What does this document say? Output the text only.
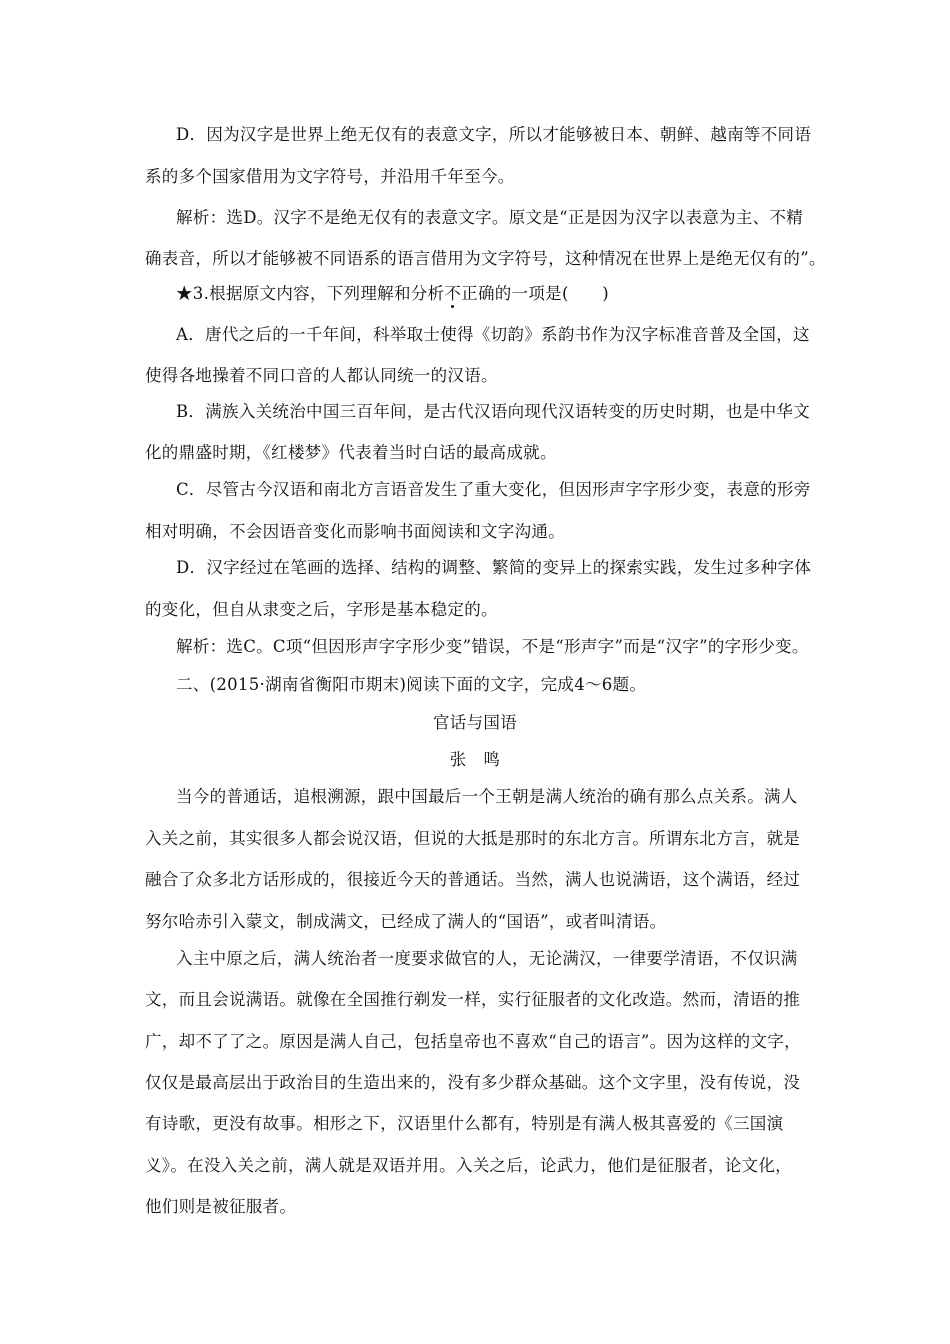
D．因为汉字是世界上绝无仅有的表意文字，所以才能够被日本、朝鲜、越南等不同语
系的多个国家借用为文字符号，并沿用千年至今。
解析：选D。汉字不是绝无仅有的表意文字。原文是“正是因为汉字以表意为主、不精
确表音，所以才能够被不同语系的语言借用为文字符号，这种情况在世界上是绝无仅有的”。
★3.根据原文内容，下列理解和分析不正确的一项是(　　)
A．唐代之后的一千年间，科举取士使得《切韵》系韵书作为汉字标准音普及全国，这
使得各地操着不同口音的人都认同统一的汉语。
B．满族入关统治中国三百年间，是古代汉语向现代汉语转变的历史时期，也是中华文
化的鼎盛时期，《红楼梦》代表着当时白话的最高成就。
C．尽管古今汉语和南北方言语音发生了重大变化，但因形声字字形少变，表意的形旁
相对明确，不会因语音变化而影响书面阅读和文字沟通。
D．汉字经过在笔画的选择、结构的调整、繁简的变异上的探索实践，发生过多种字体
的变化，但自从隶变之后，字形是基本稳定的。
解析：选C。C项“但因形声字字形少变”错误，不是“形声字”而是“汉字”的字形少变。
二、(2015·湖南省衡阳市期末)阅读下面的文字，完成4～6题。
官话与国语
张　鸣
当今的普通话，追根溯源，跟中国最后一个王朝是满人统治的确有那么点关系。满人
入关之前，其实很多人都会说汉语，但说的大抵是那时的东北方言。所谓东北方言，就是
融合了众多北方话形成的，很接近今天的普通话。当然，满人也说满语，这个满语，经过
努尔哈赤引入蒙文，制成满文，已经成了满人的“国语”，或者叫清语。
入主中原之后，满人统治者一度要求做官的人，无论满汉，一律要学清语，不仅识满
文，而且会说满语。就像在全国推行剃发一样，实行征服者的文化改造。然而，清语的推
广，却不了了之。原因是满人自己，包括皇帝也不喜欢“自己的语言”。因为这样的文字，
仅仅是最高层出于政治目的生造出来的，没有多少群众基础。这个文字里，没有传说，没
有诗歌，更没有故事。相形之下，汉语里什么都有，特别是有满人极其喜爱的《三国演
义》。在没入关之前，满人就是双语并用。入关之后，论武力，他们是征服者，论文化，
他们则是被征服者。
